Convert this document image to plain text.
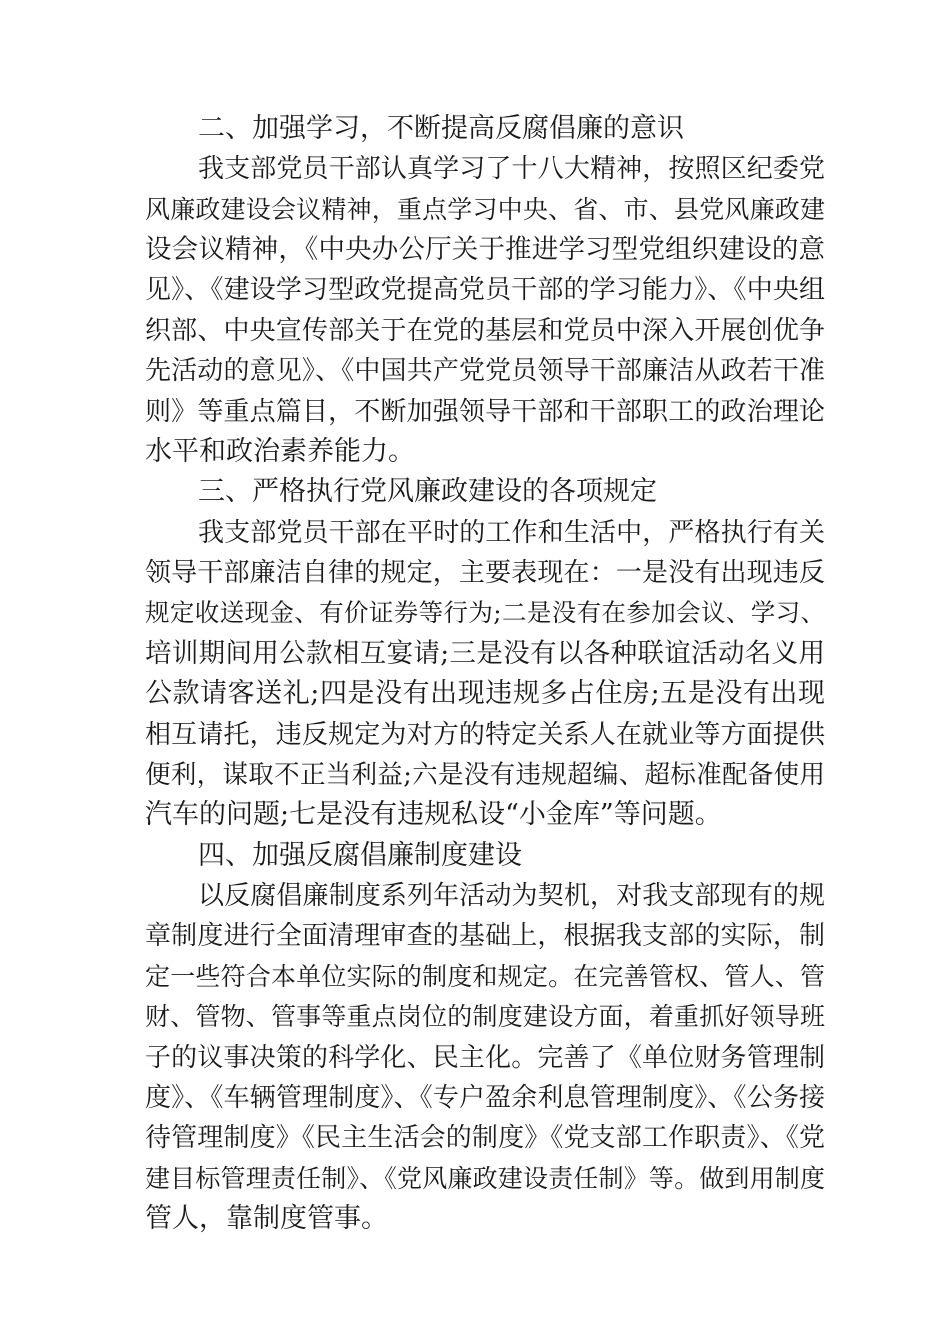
二、加强学习，不断提高反腐倡廉的意识
我支部党员干部认真学习了十八大精神，按照区纪委党
风廉政建设会议精神，重点学习中央、省、市、县党风廉政建
设会议精神，《中央办公厅关于推进学习型党组织建设的意
见》、《建设学习型政党提高党员干部的学习能力》、《中央组
织部、中央宣传部关于在党的基层和党员中深入开展创优争
先活动的意见》、《中国共产党党员领导干部廉洁从政若干准
则》等重点篇目，不断加强领导干部和干部职工的政治理论
水平和政治素养能力。
三、严格执行党风廉政建设的各项规定
我支部党员干部在平时的工作和生活中，严格执行有关
领导干部廉洁自律的规定，主要表现在：一是没有出现违反
规定收送现金、有价证券等行为;二是没有在参加会议、学习、
培训期间用公款相互宴请;三是没有以各种联谊活动名义用
公款请客送礼;四是没有出现违规多占住房;五是没有出现
相互请托，违反规定为对方的特定关系人在就业等方面提供
便利，谋取不正当利益;六是没有违规超编、超标准配备使用
汽车的问题;七是没有违规私设“小金库”等问题。
四、加强反腐倡廉制度建设
以反腐倡廉制度系列年活动为契机，对我支部现有的规
章制度进行全面清理审查的基础上，根据我支部的实际，制
定一些符合本单位实际的制度和规定。在完善管权、管人、管
财、管物、管事等重点岗位的制度建设方面，着重抓好领导班
子的议事决策的科学化、民主化。完善了《单位财务管理制
度》、《车辆管理制度》、《专户盈余利息管理制度》、《公务接
待管理制度》《民主生活会的制度》《党支部工作职责》、《党
建目标管理责任制》、《党风廉政建设责任制》等。做到用制度
管人，靠制度管事。
